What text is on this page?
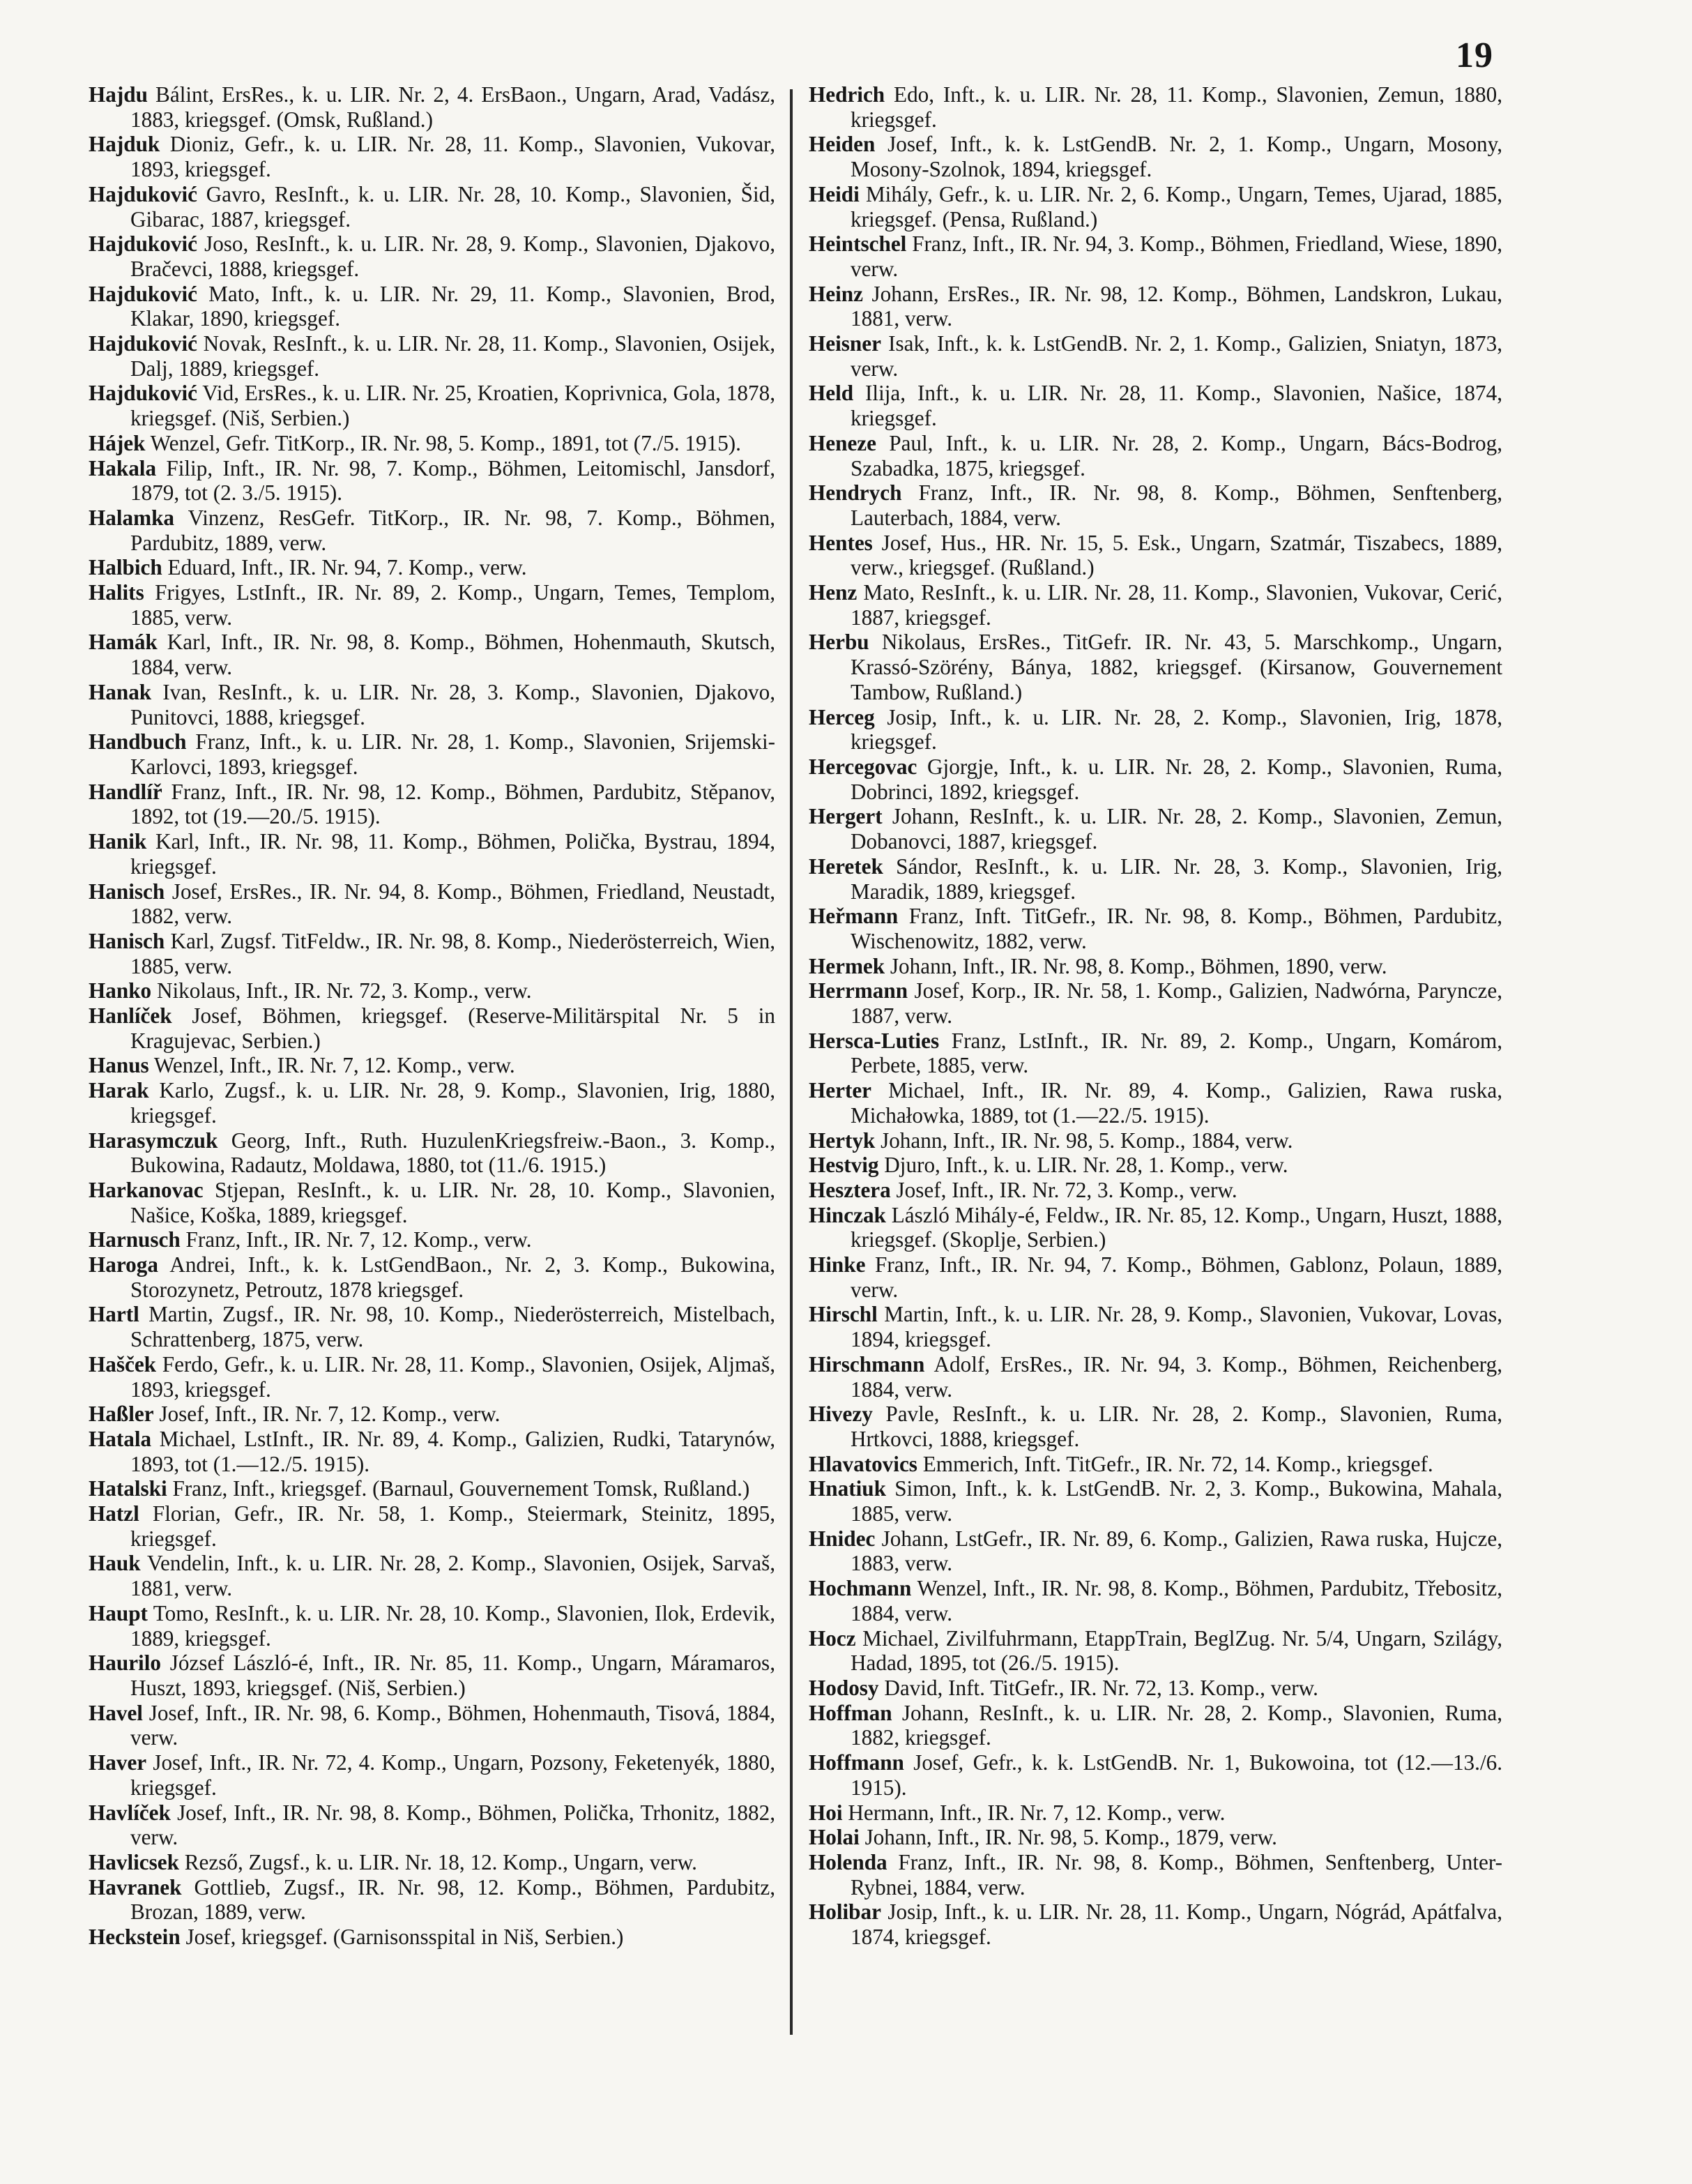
19

Hajdu Bálint, ErsRes., k. u. LIR. Nr. 2, 4. ErsBaon., Ungarn, Arad, Vadász, 1883, kriegsgef. (Omsk, Rußland.)

Hajduk Dioniz, Gefr., k. u. LIR. Nr. 28, 11. Komp., Slavonien, Vukovar, 1893, kriegsgef.

Hajduković Gavro, ResInft., k. u. LIR. Nr. 28, 10. Komp., Slavonien, Šid, Gibarac, 1887, kriegsgef.

Hajduković Joso, ResInft., k. u. LIR. Nr. 28, 9. Komp., Slavonien, Djakovo, Bračevci, 1888, kriegsgef.

Hajduković Mato, Inft., k. u. LIR. Nr. 29, 11. Komp., Slavonien, Brod, Klakar, 1890, kriegsgef.

Hajduković Novak, ResInft., k. u. LIR. Nr. 28, 11. Komp., Slavonien, Osijek, Dalj, 1889, kriegsgef.

Hajduković Vid, ErsRes., k. u. LIR. Nr. 25, Kroatien, Koprivnica, Gola, 1878, kriegsgef. (Niš, Serbien.)

Hájek Wenzel, Gefr. TitKorp., IR. Nr. 98, 5. Komp., 1891, tot (7./5. 1915).

Hakala Filip, Inft., IR. Nr. 98, 7. Komp., Böhmen, Leitomischl, Jansdorf, 1879, tot (2. 3./5. 1915).

Halamka Vinzenz, ResGefr. TitKorp., IR. Nr. 98, 7. Komp., Böhmen, Pardubitz, 1889, verw.

Halbich Eduard, Inft., IR. Nr. 94, 7. Komp., verw.

Halits Frigyes, LstInft., IR. Nr. 89, 2. Komp., Ungarn, Temes, Templom, 1885, verw.

Hamák Karl, Inft., IR. Nr. 98, 8. Komp., Böhmen, Hohenmauth, Skutsch, 1884, verw.

Hanak Ivan, ResInft., k. u. LIR. Nr. 28, 3. Komp., Slavonien, Djakovo, Punitovci, 1888, kriegsgef.

Handbuch Franz, Inft., k. u. LIR. Nr. 28, 1. Komp., Slavonien, Srijemski-Karlovci, 1893, kriegsgef.

Handlíř Franz, Inft., IR. Nr. 98, 12. Komp., Böhmen, Pardubitz, Stěpanov, 1892, tot (19.—20./5. 1915).

Hanik Karl, Inft., IR. Nr. 98, 11. Komp., Böhmen, Polička, Bystrau, 1894, kriegsgef.

Hanisch Josef, ErsRes., IR. Nr. 94, 8. Komp., Böhmen, Friedland, Neustadt, 1882, verw.

Hanisch Karl, Zugsf. TitFeldw., IR. Nr. 98, 8. Komp., Niederösterreich, Wien, 1885, verw.

Hanko Nikolaus, Inft., IR. Nr. 72, 3. Komp., verw.

Hanlíček Josef, Böhmen, kriegsgef. (Reserve-Militärspital Nr. 5 in Kragujevac, Serbien.)

Hanus Wenzel, Inft., IR. Nr. 7, 12. Komp., verw.

Harak Karlo, Zugsf., k. u. LIR. Nr. 28, 9. Komp., Slavonien, Irig, 1880, kriegsgef.

Harasymczuk Georg, Inft., Ruth. HuzulenKriegsfreiw.-Baon., 3. Komp., Bukowina, Radautz, Moldawa, 1880, tot (11./6. 1915.)

Harkanovac Stjepan, ResInft., k. u. LIR. Nr. 28, 10. Komp., Slavonien, Našice, Koška, 1889, kriegsgef.

Harnusch Franz, Inft., IR. Nr. 7, 12. Komp., verw.

Haroga Andrei, Inft., k. k. LstGendBaon., Nr. 2, 3. Komp., Bukowina, Storozynetz, Petroutz, 1878 kriegsgef.

Hartl Martin, Zugsf., IR. Nr. 98, 10. Komp., Niederösterreich, Mistelbach, Schrattenberg, 1875, verw.

Hašček Ferdo, Gefr., k. u. LIR. Nr. 28, 11. Komp., Slavonien, Osijek, Aljmaš, 1893, kriegsgef.

Haßler Josef, Inft., IR. Nr. 7, 12. Komp., verw.

Hatala Michael, LstInft., IR. Nr. 89, 4. Komp., Galizien, Rudki, Tatarynów, 1893, tot (1.—12./5. 1915).

Hatalski Franz, Inft., kriegsgef. (Barnaul, Gouvernement Tomsk, Rußland.)

Hatzl Florian, Gefr., IR. Nr. 58, 1. Komp., Steiermark, Steinitz, 1895, kriegsgef.

Hauk Vendelin, Inft., k. u. LIR. Nr. 28, 2. Komp., Slavonien, Osijek, Sarvaš, 1881, verw.

Haupt Tomo, ResInft., k. u. LIR. Nr. 28, 10. Komp., Slavonien, Ilok, Erdevik, 1889, kriegsgef.

Haurilo József László-é, Inft., IR. Nr. 85, 11. Komp., Ungarn, Máramaros, Huszt, 1893, kriegsgef. (Niš, Serbien.)

Havel Josef, Inft., IR. Nr. 98, 6. Komp., Böhmen, Hohenmauth, Tisová, 1884, verw.

Haver Josef, Inft., IR. Nr. 72, 4. Komp., Ungarn, Pozsony, Feketenyék, 1880, kriegsgef.

Havlíček Josef, Inft., IR. Nr. 98, 8. Komp., Böhmen, Polička, Trhonitz, 1882, verw.

Havlicsek Rezső, Zugsf., k. u. LIR. Nr. 18, 12. Komp., Ungarn, verw.

Havranek Gottlieb, Zugsf., IR. Nr. 98, 12. Komp., Böhmen, Pardubitz, Brozan, 1889, verw.

Heckstein Josef, kriegsgef. (Garnisonsspital in Niš, Serbien.)

Hedrich Edo, Inft., k. u. LIR. Nr. 28, 11. Komp., Slavonien, Zemun, 1880, kriegsgef.

Heiden Josef, Inft., k. k. LstGendB. Nr. 2, 1. Komp., Ungarn, Mosony, Mosony-Szolnok, 1894, kriegsgef.

Heidi Mihály, Gefr., k. u. LIR. Nr. 2, 6. Komp., Ungarn, Temes, Ujarad, 1885, kriegsgef. (Pensa, Rußland.)

Heintschel Franz, Inft., IR. Nr. 94, 3. Komp., Böhmen, Friedland, Wiese, 1890, verw.

Heinz Johann, ErsRes., IR. Nr. 98, 12. Komp., Böhmen, Landskron, Lukau, 1881, verw.

Heisner Isak, Inft., k. k. LstGendB. Nr. 2, 1. Komp., Galizien, Sniatyn, 1873, verw.

Held Ilija, Inft., k. u. LIR. Nr. 28, 11. Komp., Slavonien, Našice, 1874, kriegsgef.

Heneze Paul, Inft., k. u. LIR. Nr. 28, 2. Komp., Ungarn, Bács-Bodrog, Szabadka, 1875, kriegsgef.

Hendrych Franz, Inft., IR. Nr. 98, 8. Komp., Böhmen, Senftenberg, Lauterbach, 1884, verw.

Hentes Josef, Hus., HR. Nr. 15, 5. Esk., Ungarn, Szatmár, Tiszabecs, 1889, verw., kriegsgef. (Rußland.)

Henz Mato, ResInft., k. u. LIR. Nr. 28, 11. Komp., Slavonien, Vukovar, Cerić, 1887, kriegsgef.

Herbu Nikolaus, ErsRes., TitGefr. IR. Nr. 43, 5. Marschkomp., Ungarn, Krassó-Szörény, Bánya, 1882, kriegsgef. (Kirsanow, Gouvernement Tambow, Rußland.)

Herceg Josip, Inft., k. u. LIR. Nr. 28, 2. Komp., Slavonien, Irig, 1878, kriegsgef.

Hercegovac Gjorgje, Inft., k. u. LIR. Nr. 28, 2. Komp., Slavonien, Ruma, Dobrinci, 1892, kriegsgef.

Hergert Johann, ResInft., k. u. LIR. Nr. 28, 2. Komp., Slavonien, Zemun, Dobanovci, 1887, kriegsgef.

Heretek Sándor, ResInft., k. u. LIR. Nr. 28, 3. Komp., Slavonien, Irig, Maradik, 1889, kriegsgef.

Heřmann Franz, Inft. TitGefr., IR. Nr. 98, 8. Komp., Böhmen, Pardubitz, Wischenowitz, 1882, verw.

Hermek Johann, Inft., IR. Nr. 98, 8. Komp., Böhmen, 1890, verw.

Herrmann Josef, Korp., IR. Nr. 58, 1. Komp., Galizien, Nadwórna, Paryncze, 1887, verw.

Hersca-Luties Franz, LstInft., IR. Nr. 89, 2. Komp., Ungarn, Komárom, Perbete, 1885, verw.

Herter Michael, Inft., IR. Nr. 89, 4. Komp., Galizien, Rawa ruska, Michałowka, 1889, tot (1.—22./5. 1915).

Hertyk Johann, Inft., IR. Nr. 98, 5. Komp., 1884, verw.

Hestvig Djuro, Inft., k. u. LIR. Nr. 28, 1. Komp., verw.

Hesztera Josef, Inft., IR. Nr. 72, 3. Komp., verw.

Hinczak László Mihály-é, Feldw., IR. Nr. 85, 12. Komp., Ungarn, Huszt, 1888, kriegsgef. (Skoplje, Serbien.)

Hinke Franz, Inft., IR. Nr. 94, 7. Komp., Böhmen, Gablonz, Polaun, 1889, verw.

Hirschl Martin, Inft., k. u. LIR. Nr. 28, 9. Komp., Slavonien, Vukovar, Lovas, 1894, kriegsgef.

Hirschmann Adolf, ErsRes., IR. Nr. 94, 3. Komp., Böhmen, Reichenberg, 1884, verw.

Hivezy Pavle, ResInft., k. u. LIR. Nr. 28, 2. Komp., Slavonien, Ruma, Hrtkovci, 1888, kriegsgef.

Hlavatovics Emmerich, Inft. TitGefr., IR. Nr. 72, 14. Komp., kriegsgef.

Hnatiuk Simon, Inft., k. k. LstGendB. Nr. 2, 3. Komp., Bukowina, Mahala, 1885, verw.

Hnidec Johann, LstGefr., IR. Nr. 89, 6. Komp., Galizien, Rawa ruska, Hujcze, 1883, verw.

Hochmann Wenzel, Inft., IR. Nr. 98, 8. Komp., Böhmen, Pardubitz, Třebositz, 1884, verw.

Hocz Michael, Zivilfuhrmann, EtappTrain, BeglZug. Nr. 5/4, Ungarn, Szilágy, Hadad, 1895, tot (26./5. 1915).

Hodosy David, Inft. TitGefr., IR. Nr. 72, 13. Komp., verw.

Hoffman Johann, ResInft., k. u. LIR. Nr. 28, 2. Komp., Slavonien, Ruma, 1882, kriegsgef.

Hoffmann Josef, Gefr., k. k. LstGendB. Nr. 1, Bukowoina, tot (12.—13./6. 1915).

Hoi Hermann, Inft., IR. Nr. 7, 12. Komp., verw.

Holai Johann, Inft., IR. Nr. 98, 5. Komp., 1879, verw.

Holenda Franz, Inft., IR. Nr. 98, 8. Komp., Böhmen, Senftenberg, Unter-Rybnei, 1884, verw.

Holibar Josip, Inft., k. u. LIR. Nr. 28, 11. Komp., Ungarn, Nógrád, Apátfalva, 1874, kriegsgef.
